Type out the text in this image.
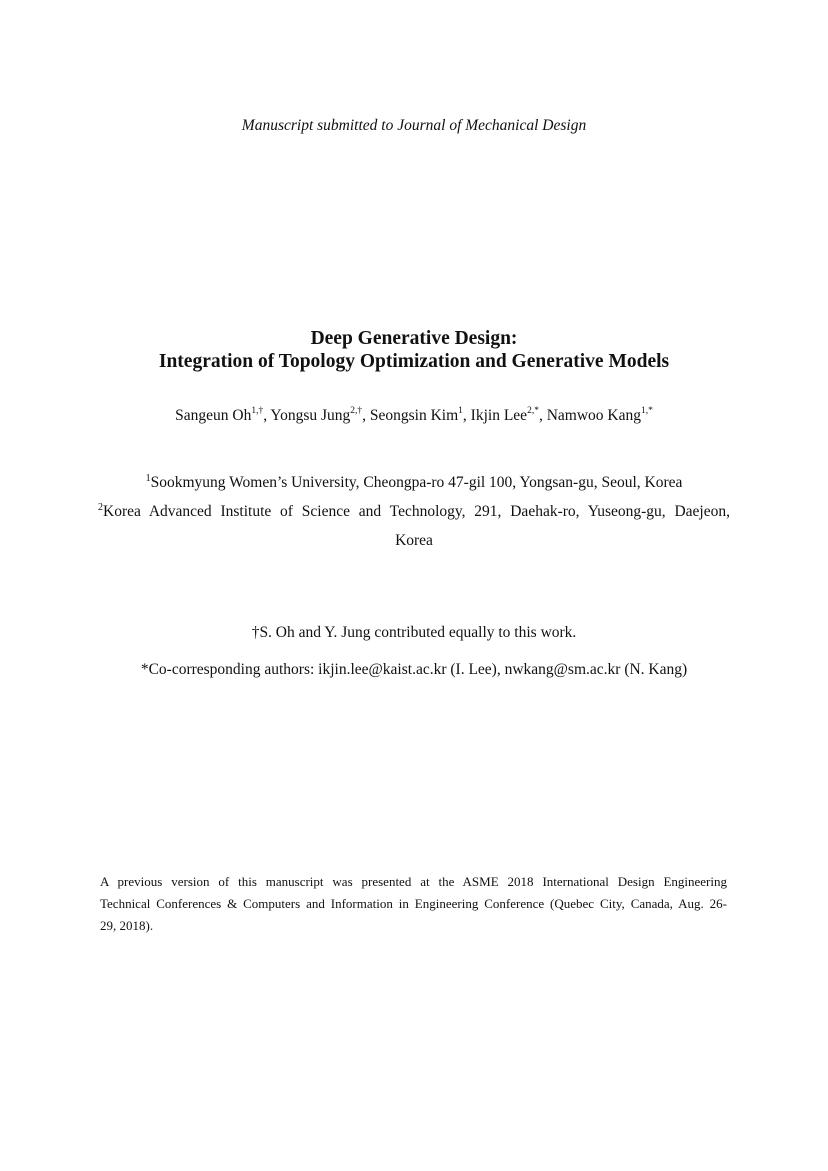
Manuscript submitted to Journal of Mechanical Design
Deep Generative Design:
Integration of Topology Optimization and Generative Models
Sangeun $Oh^{1,\dagger}$, Yongsu Jung$^{2,\dagger}$, Seongsin Kim$^1$, Ikjin Lee$^{2,*}$, Namwoo Kang$^{1,*}$
$^1$Sookmyung Women’s University, Cheongpa-ro 47-gil 100, Yongsan-gu, Seoul, Korea
$^2$Korea Advanced Institute of Science and Technology, 291, Daehak-ro, Yuseong-gu, Daejeon,
Korea
†S. Oh and Y. Jung contributed equally to this work.
*Co-corresponding authors: ikjin.lee@kaist.ac.kr (I. Lee), nwkang@sm.ac.kr (N. Kang)
A previous version of this manuscript was presented at the ASME 2018 International Design Engineering
Technical Conferences & Computers and Information in Engineering Conference (Quebec City, Canada, Aug. 26-
29, 2018).
